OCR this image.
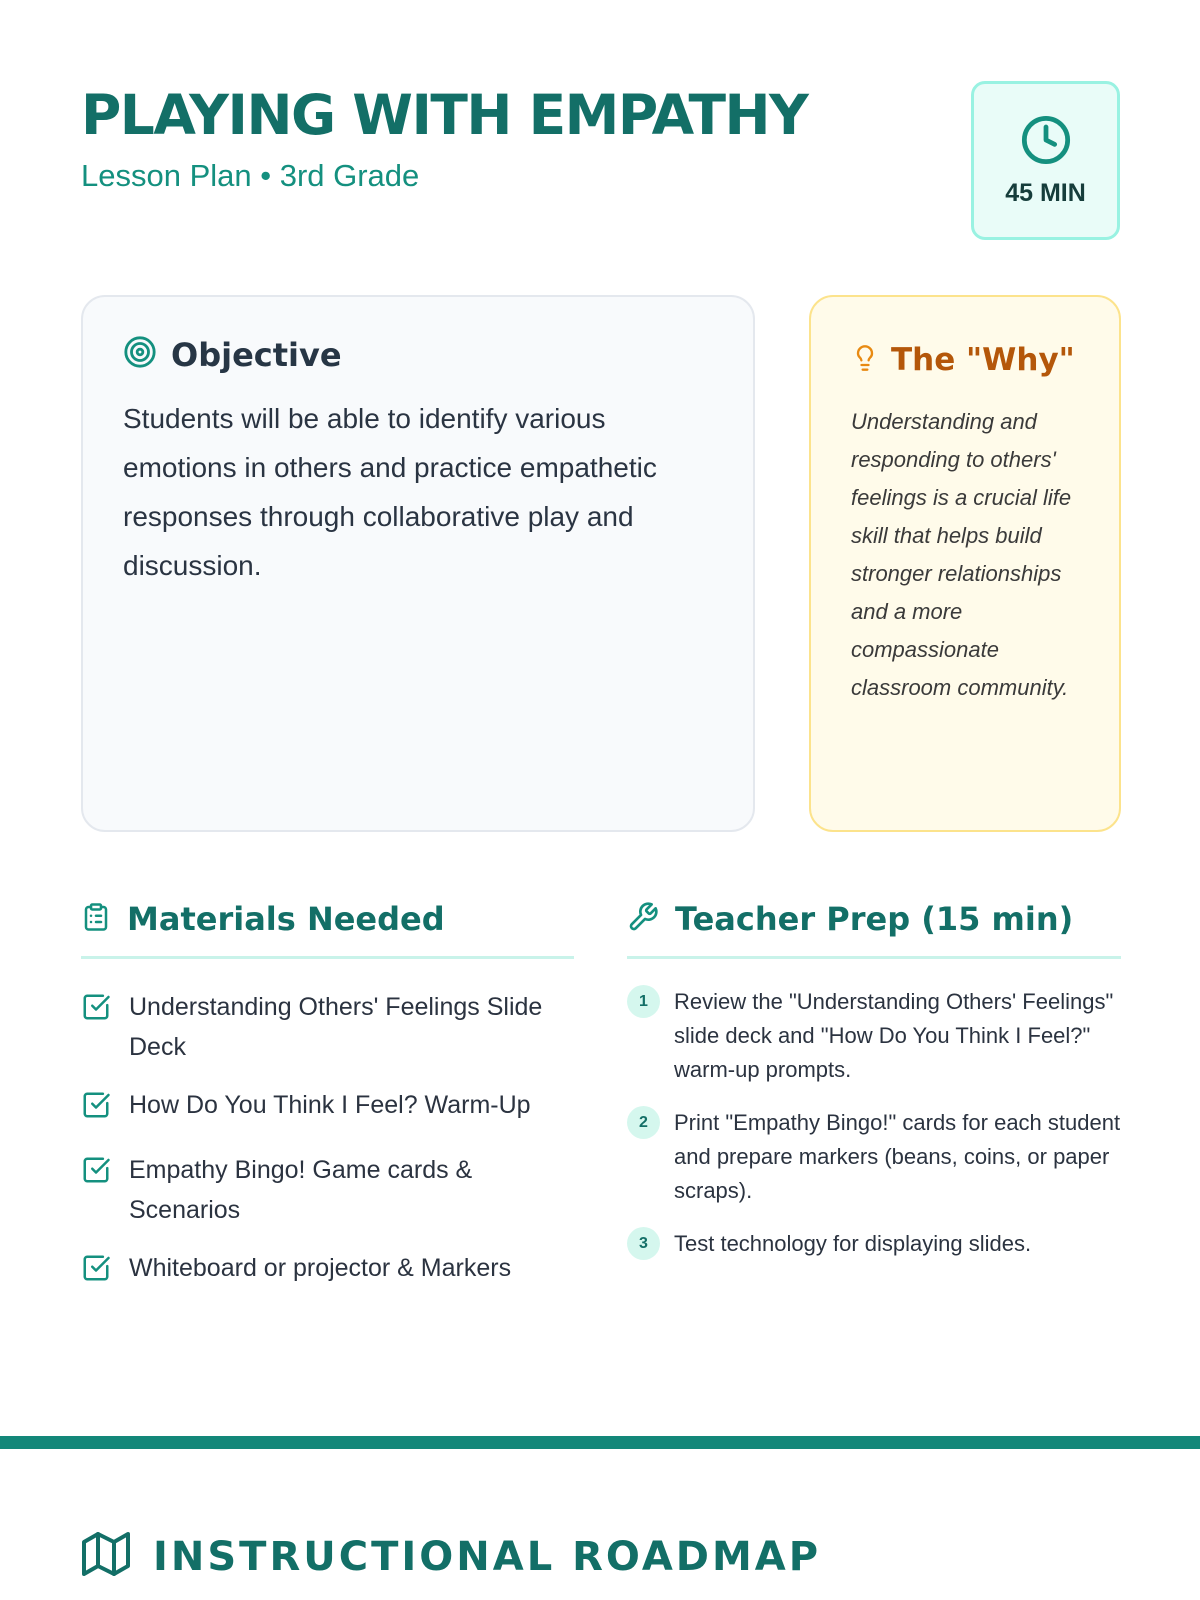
PLAYING WITH EMPATHY
Lesson Plan • 3rd Grade	45 MIN
Objective

Students will be able to identify various emotions in others and practice empathetic responses through collaborative play and discussion.

The "Why"

Understanding and responding to others' feelings is a crucial life skill that helps build stronger relationships and a more compassionate classroom community.

Materials Needed
Understanding Others' Feelings Slide Deck
How Do You Think I Feel? Warm-Up
Empathy Bingo! Game cards & Scenarios
Whiteboard or projector & Markers
Teacher Prep (15 min)
1	Review the "Understanding Others' Feelings" slide deck and "How Do You Think I Feel?" warm-up prompts.
2	Print "Empathy Bingo!" cards for each student and prepare markers (beans, coins, or paper scraps).
3	Test technology for displaying slides.
INSTRUCTIONAL ROADMAP
